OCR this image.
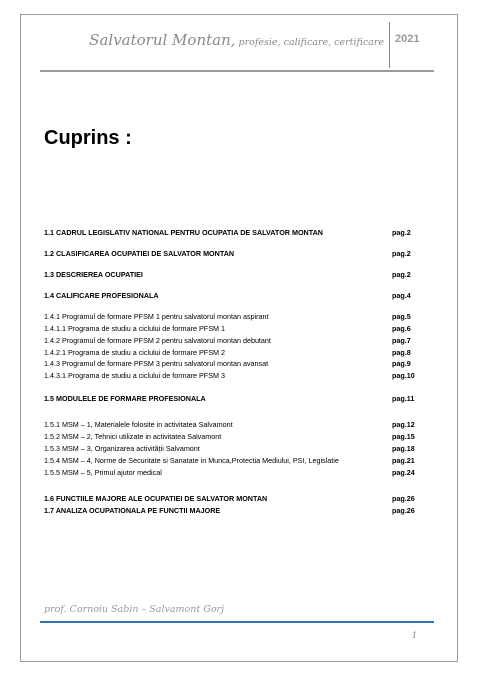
Salvatorul Montan, profesie, calificare, certificare 2021
Cuprins :
1.1 CADRUL LEGISLATIV NATIONAL PENTRU OCUPATIA DE SALVATOR MONTAN	pag.2
1.2 CLASIFICAREA OCUPATIEI DE SALVATOR MONTAN	pag.2
1.3 DESCRIEREA OCUPATIEI	pag.2
1.4 CALIFICARE PROFESIONALA	pag.4
1.4.1 Programul de formare PFSM 1 pentru salvatorul montan aspirant	pag.5
1.4.1.1 Programa de studiu a ciclului de formare PFSM 1	pag.6
1.4.2 Programul de formare PFSM 2 pentru salvatorul montan debutant	pag.7
1.4.2.1 Programa de studiu a ciclului de formare PFSM 2	pag.8
1.4.3 Programul de formare PFSM 3 pentru salvatorul montan avansat	pag.9
1.4.3.1 Programa de studiu a ciclului de formare PFSM 3	pag.10
1.5 MODULELE DE FORMARE PROFESIONALA	pag.11
1.5.1 MSM – 1, Materialele folosite in activitatea Salvamont	pag.12
1.5.2 MSM – 2, Tehnici utilizate in activitatea Salvamont	pag.15
1.5.3 MSM – 3, Organizarea activității Salvamont	pag.18
1.5.4 MSM – 4, Norme de Securitate si Sanatate in Munca,Protectia Mediului, PSI, Legislatie	pag.21
1.5.5 MSM – 5, Primul ajutor medical	pag.24
1.6 FUNCTIILE MAJORE ALE OCUPATIEI DE SALVATOR MONTAN	pag.26
1.7 ANALIZA OCUPATIONALA PE FUNCTII MAJORE	pag.26
prof. Cornoiu Sabin – Salvamont Gorj
1
